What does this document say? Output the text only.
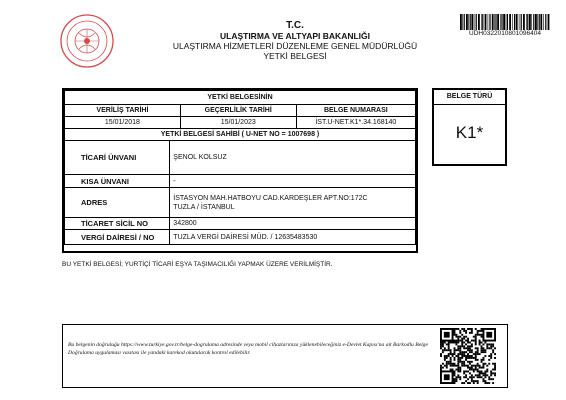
T.C.
ULAŞTIRMA VE ALTYAPI BAKANLIĞI
ULAŞTIRMA HİZMETLERİ DÜZENLEME GENEL MÜDÜRLÜĞÜ
YETKİ BELGESİ
UDH0322010801096404
YETKİ BELGESİNİN		
VERİLİŞ TARİHİ	GEÇERLİLİK TARİHİ	BELGE NUMARASI
15/01/2018	15/01/2023	İST.U-NET.K1*.34.168140
YETKİ BELGESİ SAHİBİ ( U-NET NO = 1007698 )		
TİCARİ ÜNVANI	ŞENOL KOLSUZ
KISA ÜNVANI	-
ADRES	İSTASYON MAH.HATBOYU CAD.KARDEŞLER APT.NO:172C
TUZLA / İSTANBUL

TİCARET SİCİL NO	342800
VERGİ DAİRESİ / NO	TUZLA VERGİ DAİRESİ MÜD. / 12635483530
BELGE TÜRÜ
K1*
BU YETKİ BELGESİ; YURTİÇİ TİCARİ EŞYA TAŞIMACILIĞI YAPMAK ÜZERE VERİLMİŞTİR.
Bu belgenin doğruluğu https://www.turkiye.gov.tr/belge-dogrulama adresinde veya mobil cihazlarınıza yüklenebileceğiniz e-Devlet Kapısı'na ait Barkodlu Belge Doğrulama uygulaması vasıtası ile yandaki karekod okutularak kontrol edilebilir.
